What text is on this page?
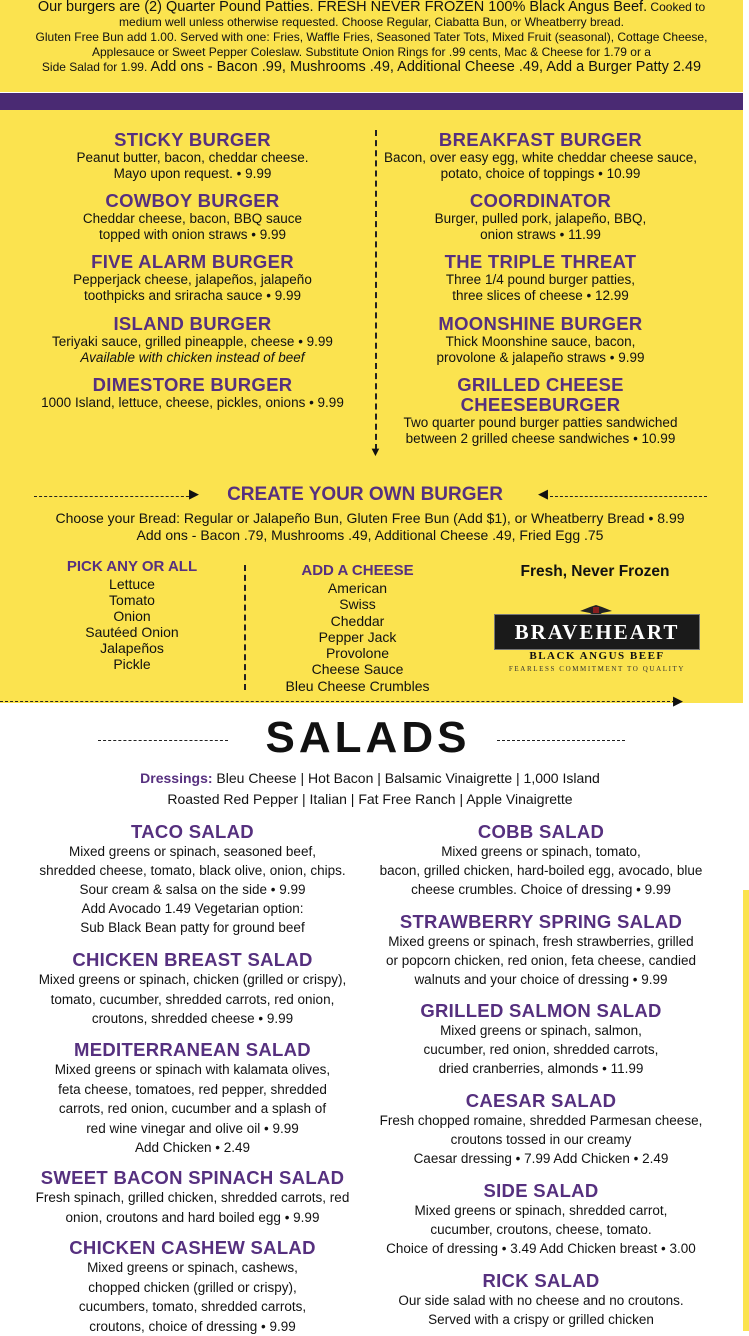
Our burgers are (2) Quarter Pound Patties. FRESH NEVER FROZEN 100% Black Angus Beef. Cooked to
medium well unless otherwise requested. Choose Regular, Ciabatta Bun, or Wheatberry bread.
Gluten Free Bun add 1.00. Served with one: Fries, Waffle Fries, Seasoned Tater Tots, Mixed Fruit (seasonal), Cottage Cheese,
Applesauce or Sweet Pepper Coleslaw. Substitute Onion Rings for .99 cents, Mac & Cheese for 1.79 or a
Side Salad for 1.99. Add ons - Bacon .99, Mushrooms .49, Additional Cheese .49, Add a Burger Patty 2.49
STICKY BURGER
Peanut butter, bacon, cheddar cheese.
Mayo upon request. • 9.99
COWBOY BURGER
Cheddar cheese, bacon, BBQ sauce
topped with onion straws • 9.99
FIVE ALARM BURGER
Pepperjack cheese, jalapeños, jalapeño
toothpicks and sriracha sauce • 9.99
ISLAND BURGER
Teriyaki sauce, grilled pineapple, cheese • 9.99
Available with chicken instead of beef
DIMESTORE BURGER
1000 Island, lettuce, cheese, pickles, onions • 9.99
▼
BREAKFAST BURGER
Bacon, over easy egg, white cheddar cheese sauce,
potato, choice of toppings • 10.99
COORDINATOR
Burger, pulled pork, jalapeño, BBQ,
onion straws • 11.99
THE TRIPLE THREAT
Three 1/4 pound burger patties,
three slices of cheese • 12.99
MOONSHINE BURGER
Thick Moonshine sauce, bacon,
provolone & jalapeño straws • 9.99
GRILLED CHEESE
CHEESEBURGER
Two quarter pound burger patties sandwiched
between 2 grilled cheese sandwiches • 10.99
▶	CREATE YOUR OWN BURGER	◀
Choose your Bread: Regular or Jalapeño Bun, Gluten Free Bun (Add $1), or Wheatberry Bread • 8.99
Add ons - Bacon .79, Mushrooms .49, Additional Cheese .49, Fried Egg .75
PICK ANY OR ALL
Lettuce
Tomato
Onion
Sautéed Onion
Jalapeños
Pickle
ADD A CHEESE
American
Swiss
Cheddar
Pepper Jack
Provolone
Cheese Sauce
Bleu Cheese Crumbles
Fresh, Never Frozen
BRAVEHEART
BLACK ANGUS BEEF
FEARLESS COMMITMENT TO QUALITY
▶
SALADS
Dressings: Bleu Cheese | Hot Bacon | Balsamic Vinaigrette | 1,000 Island
Roasted Red Pepper | Italian | Fat Free Ranch | Apple Vinaigrette
TACO SALAD
Mixed greens or spinach, seasoned beef,
shredded cheese, tomato, black olive, onion, chips.
Sour cream & salsa on the side • 9.99
Add Avocado 1.49 Vegetarian option:
Sub Black Bean patty for ground beef
CHICKEN BREAST SALAD
Mixed greens or spinach, chicken (grilled or crispy),
tomato, cucumber, shredded carrots, red onion,
croutons, shredded cheese • 9.99
MEDITERRANEAN SALAD
Mixed greens or spinach with kalamata olives,
feta cheese, tomatoes, red pepper, shredded
carrots, red onion, cucumber and a splash of
red wine vinegar and olive oil • 9.99
Add Chicken • 2.49
SWEET BACON SPINACH SALAD
Fresh spinach, grilled chicken, shredded carrots, red
onion, croutons and hard boiled egg • 9.99
CHICKEN CASHEW SALAD
Mixed greens or spinach, cashews,
chopped chicken (grilled or crispy),
cucumbers, tomato, shredded carrots,
croutons, choice of dressing • 9.99
COBB SALAD
Mixed greens or spinach, tomato,
bacon, grilled chicken, hard-boiled egg, avocado, blue
cheese crumbles. Choice of dressing • 9.99
STRAWBERRY SPRING SALAD
Mixed greens or spinach, fresh strawberries, grilled
or popcorn chicken, red onion, feta cheese, candied
walnuts and your choice of dressing • 9.99
GRILLED SALMON SALAD
Mixed greens or spinach, salmon,
cucumber, red onion, shredded carrots,
dried cranberries, almonds • 11.99
CAESAR SALAD
Fresh chopped romaine, shredded Parmesan cheese,
croutons tossed in our creamy
Caesar dressing • 7.99 Add Chicken • 2.49
SIDE SALAD
Mixed greens or spinach, shredded carrot,
cucumber, croutons, cheese, tomato.
Choice of dressing • 3.49 Add Chicken breast • 3.00
RICK SALAD
Our side salad with no cheese and no croutons.
Served with a crispy or grilled chicken
